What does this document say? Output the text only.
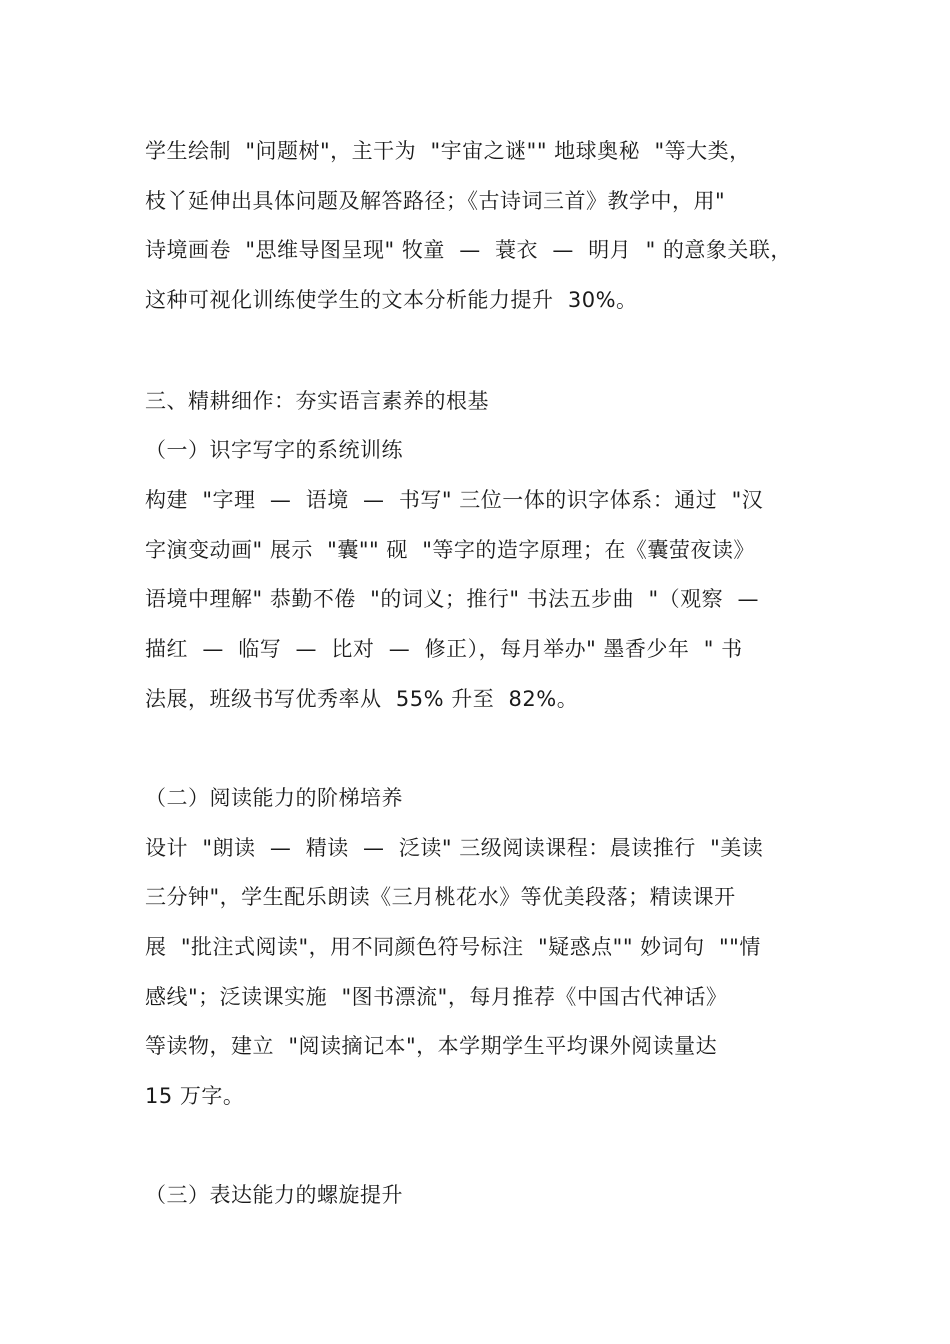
学生绘制  "问题树"，主干为  "宇宙之谜"" 地球奥秘  "等大类，
枝丫延伸出具体问题及解答路径；《古诗词三首》教学中，用"
诗境画卷  "思维导图呈现" 牧童  —  蓑衣  —  明月  " 的意象关联，
这种可视化训练使学生的文本分析能力提升  30%。
三、精耕细作：夯实语言素养的根基
（一）识字写字的系统训练
构建  "字理  —  语境  —  书写" 三位一体的识字体系：通过  "汉
字演变动画" 展示  "囊"" 砚  "等字的造字原理；在《囊萤夜读》
语境中理解" 恭勤不倦  "的词义；推行" 书法五步曲  "（观察  —
描红  —  临写  —  比对  —  修正），每月举办" 墨香少年  " 书
法展，班级书写优秀率从  55% 升至  82%。
（二）阅读能力的阶梯培养
设计  "朗读  —  精读  —  泛读" 三级阅读课程：晨读推行  "美读
三分钟"，学生配乐朗读《三月桃花水》等优美段落；精读课开
展  "批注式阅读"，用不同颜色符号标注  "疑惑点"" 妙词句  ""情
感线"；泛读课实施  "图书漂流"，每月推荐《中国古代神话》
等读物，建立  "阅读摘记本"，本学期学生平均课外阅读量达
15 万字。
（三）表达能力的螺旋提升
